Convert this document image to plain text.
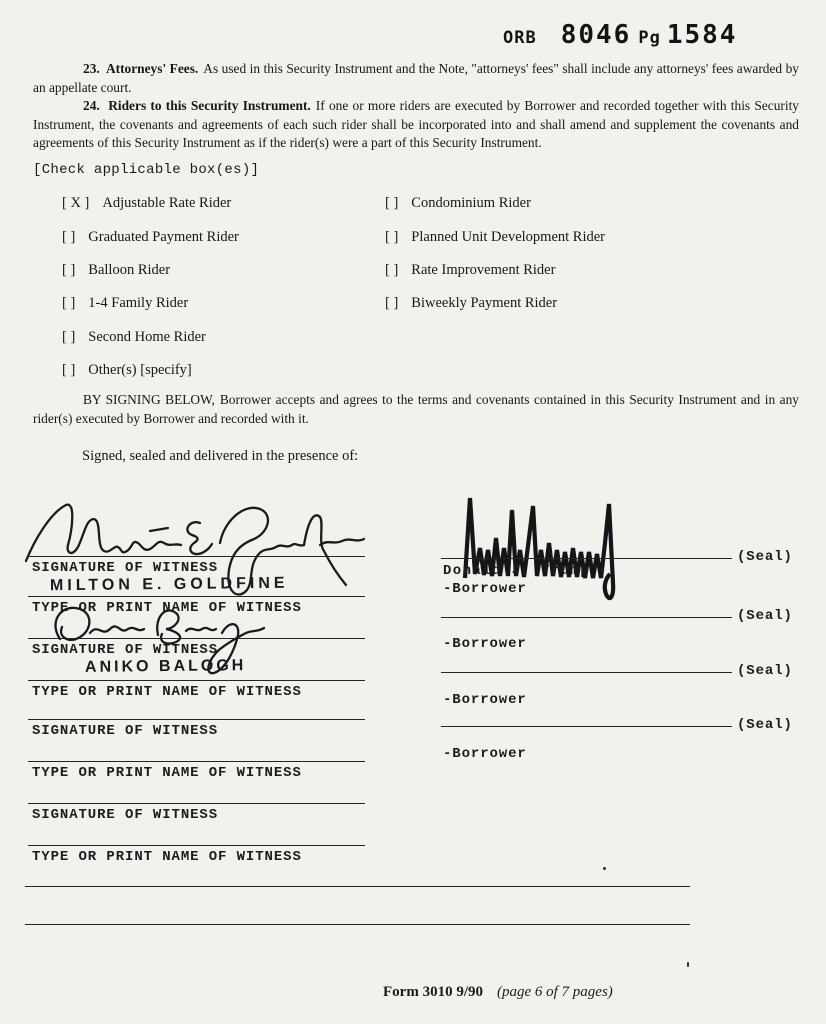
ORB 8046 Pg 1584

23.  Attorneys' Fees. As used in this Security Instrument and the Note, "attorneys' fees" shall include any attorneys' fees awarded by an appellate court.

24.  Riders to this Security Instrument. If one or more riders are executed by Borrower and recorded together with this Security Instrument, the covenants and agreements of each such rider shall be incorporated into and shall amend and supplement the covenants and agreements of this Security Instrument as if the rider(s) were a part of this Security Instrument.

[Check applicable box(es)]
[ X ] Adjustable Rate Rider
[ ] Graduated Payment Rider
[ ] Balloon Rider
[ ] 1-4 Family Rider
[ ] Second Home Rider
[ ] Other(s) [specify]
[ ] Condominium Rider
[ ] Planned Unit Development Rider
[ ] Rate Improvement Rider
[ ] Biweekly Payment Rider

BY SIGNING BELOW, Borrower accepts and agrees to the terms and covenants contained in this Security Instrument and in any rider(s) executed by Borrower and recorded with it.

Signed, sealed and delivered in the presence of:
SIGNATURE OF WITNESS
MILTON E. GOLDFINE
TYPE OR PRINT NAME OF WITNESS
SIGNATURE OF WITNESS
ANIKO BALOGH
TYPE OR PRINT NAME OF WITNESS
SIGNATURE OF WITNESS
TYPE OR PRINT NAME OF WITNESS
SIGNATURE OF WITNESS
TYPE OR PRINT NAME OF WITNESS
(Seal)
Donald J. Trump
-Borrower
(Seal)
-Borrower
(Seal)
-Borrower
(Seal)
-Borrower
Form 3010 9/90 (page 6 of 7 pages)
